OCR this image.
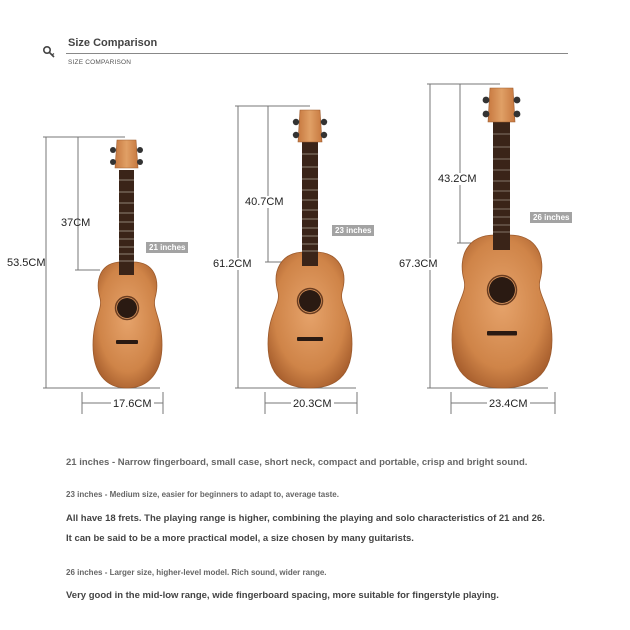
Size Comparison
SIZE COMPARISON
37CM
53.5CM
17.6CM
21 inches
40.7CM
61.2CM
20.3CM
23 inches
43.2CM
67.3CM
23.4CM
26 inches
21 inches - Narrow fingerboard, small case, short neck, compact and portable, crisp and bright sound.
23 inches - Medium size, easier for beginners to adapt to, average taste.
All have 18 frets. The playing range is higher, combining the playing and solo characteristics of 21 and 26.
It can be said to be a more practical model, a size chosen by many guitarists.
26 inches - Larger size, higher-level model. Rich sound, wider range.
Very good in the mid-low range, wide fingerboard spacing, more suitable for fingerstyle playing.
